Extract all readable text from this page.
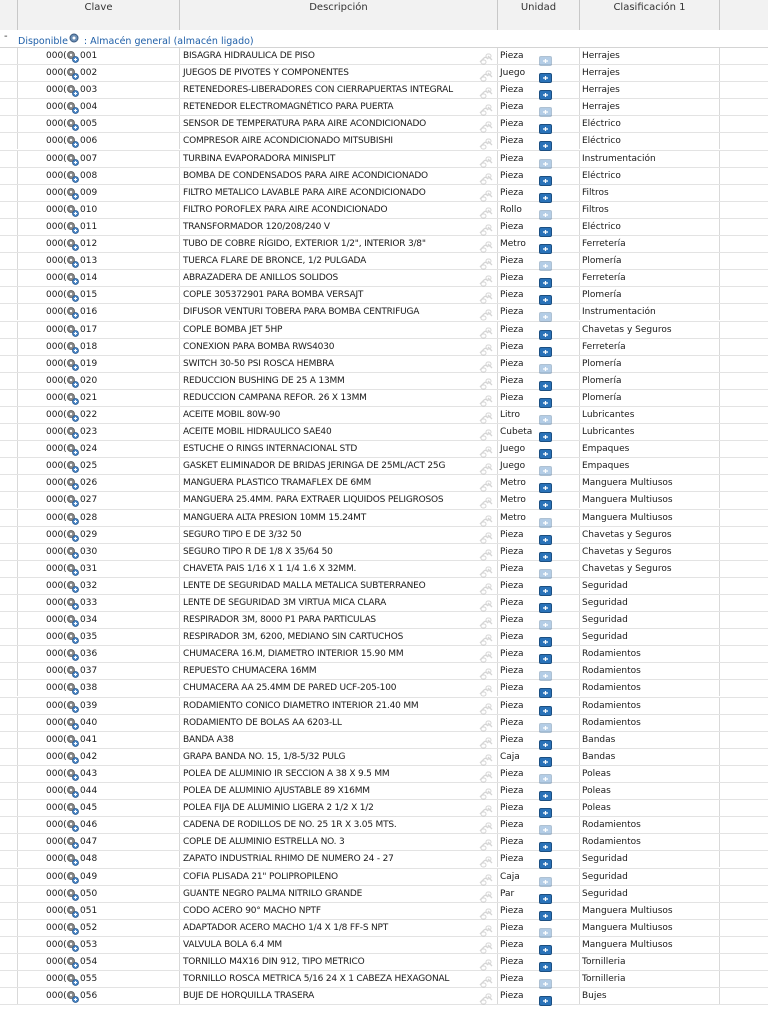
Clave	Descripción	Unidad	Clasificación 1
- Disponible : Almacén general (almacén ligado)
000( 001	BISAGRA HIDRAULICA DE PISO	Pieza	Herrajes
000( 002	JUEGOS DE PIVOTES Y COMPONENTES	Juego	Herrajes
000( 003	RETENEDORES-LIBERADORES CON CIERRAPUERTAS INTEGRAL	Pieza	Herrajes
000( 004	RETENEDOR ELECTROMAGNÉTICO PARA PUERTA	Pieza	Herrajes
000( 005	SENSOR DE TEMPERATURA PARA AIRE ACONDICIONADO	Pieza	Eléctrico
000( 006	COMPRESOR AIRE ACONDICIONADO MITSUBISHI	Pieza	Eléctrico
000( 007	TURBINA EVAPORADORA MINISPLIT	Pieza	Instrumentación
000( 008	BOMBA DE CONDENSADOS PARA AIRE ACONDICIONADO	Pieza	Eléctrico
000( 009	FILTRO METALICO LAVABLE PARA AIRE ACONDICIONADO	Pieza	Filtros
000( 010	FILTRO POROFLEX PARA AIRE ACONDICIONADO	Rollo	Filtros
000( 011	TRANSFORMADOR 120/208/240 V	Pieza	Eléctrico
000( 012	TUBO DE COBRE RÍGIDO, EXTERIOR 1/2", INTERIOR 3/8"	Metro	Ferretería
000( 013	TUERCA FLARE DE BRONCE, 1/2 PULGADA	Pieza	Plomería
000( 014	ABRAZADERA DE ANILLOS SOLIDOS	Pieza	Ferretería
000( 015	COPLE 305372901 PARA BOMBA VERSAJT	Pieza	Plomería
000( 016	DIFUSOR VENTURI TOBERA PARA BOMBA CENTRIFUGA	Pieza	Instrumentación
000( 017	COPLE BOMBA JET 5HP	Pieza	Chavetas y Seguros
000( 018	CONEXION PARA BOMBA RWS4030	Pieza	Ferretería
000( 019	SWITCH 30-50 PSI ROSCA HEMBRA	Pieza	Plomería
000( 020	REDUCCION BUSHING DE 25 A 13MM	Pieza	Plomería
000( 021	REDUCCION CAMPANA REFOR. 26 X 13MM	Pieza	Plomería
000( 022	ACEITE MOBIL 80W-90	Litro	Lubricantes
000( 023	ACEITE MOBIL HIDRAULICO SAE40	Cubeta	Lubricantes
000( 024	ESTUCHE O RINGS INTERNACIONAL STD	Juego	Empaques
000( 025	GASKET ELIMINADOR DE BRIDAS JERINGA DE 25ML/ACT 25G	Juego	Empaques
000( 026	MANGUERA PLASTICO TRAMAFLEX DE 6MM	Metro	Manguera Multiusos
000( 027	MANGUERA 25.4MM. PARA EXTRAER LIQUIDOS PELIGROSOS	Metro	Manguera Multiusos
000( 028	MANGUERA ALTA PRESION 10MM 15.24MT	Metro	Manguera Multiusos
000( 029	SEGURO TIPO E DE 3/32 50	Pieza	Chavetas y Seguros
000( 030	SEGURO TIPO R DE 1/8 X 35/64 50	Pieza	Chavetas y Seguros
000( 031	CHAVETA PAIS 1/16 X 1 1/4 1.6 X 32MM.	Pieza	Chavetas y Seguros
000( 032	LENTE DE SEGURIDAD MALLA METALICA SUBTERRANEO	Pieza	Seguridad
000( 033	LENTE DE SEGURIDAD 3M VIRTUA MICA CLARA	Pieza	Seguridad
000( 034	RESPIRADOR 3M, 8000 P1 PARA PARTICULAS	Pieza	Seguridad
000( 035	RESPIRADOR 3M, 6200, MEDIANO SIN CARTUCHOS	Pieza	Seguridad
000( 036	CHUMACERA 16.M, DIAMETRO INTERIOR 15.90 MM	Pieza	Rodamientos
000( 037	REPUESTO CHUMACERA 16MM	Pieza	Rodamientos
000( 038	CHUMACERA AA 25.4MM DE PARED UCF-205-100	Pieza	Rodamientos
000( 039	RODAMIENTO CONICO DIAMETRO INTERIOR 21.40 MM	Pieza	Rodamientos
000( 040	RODAMIENTO DE BOLAS AA 6203-LL	Pieza	Rodamientos
000( 041	BANDA A38	Pieza	Bandas
000( 042	GRAPA BANDA NO. 15, 1/8-5/32 PULG	Caja	Bandas
000( 043	POLEA DE ALUMINIO IR SECCION A 38 X 9.5 MM	Pieza	Poleas
000( 044	POLEA DE ALUMINIO AJUSTABLE 89 X16MM	Pieza	Poleas
000( 045	POLEA FIJA DE ALUMINIO LIGERA 2 1/2 X 1/2	Pieza	Poleas
000( 046	CADENA DE RODILLOS DE NO. 25 1R X 3.05 MTS.	Pieza	Rodamientos
000( 047	COPLE DE ALUMINIO ESTRELLA NO. 3	Pieza	Rodamientos
000( 048	ZAPATO INDUSTRIAL RHIMO DE NUMERO 24 - 27	Pieza	Seguridad
000( 049	COFIA PLISADA 21" POLIPROPILENO	Caja	Seguridad
000( 050	GUANTE NEGRO PALMA NITRILO GRANDE	Par	Seguridad
000( 051	CODO ACERO 90° MACHO NPTF	Pieza	Manguera Multiusos
000( 052	ADAPTADOR ACERO MACHO 1/4 X 1/8 FF-S NPT	Pieza	Manguera Multiusos
000( 053	VALVULA BOLA 6.4 MM	Pieza	Manguera Multiusos
000( 054	TORNILLO M4X16 DIN 912, TIPO METRICO	Pieza	Tornilleria
000( 055	TORNILLO ROSCA METRICA 5/16 24 X 1 CABEZA HEXAGONAL	Pieza	Tornilleria
000( 056	BUJE DE HORQUILLA TRASERA	Pieza	Bujes
